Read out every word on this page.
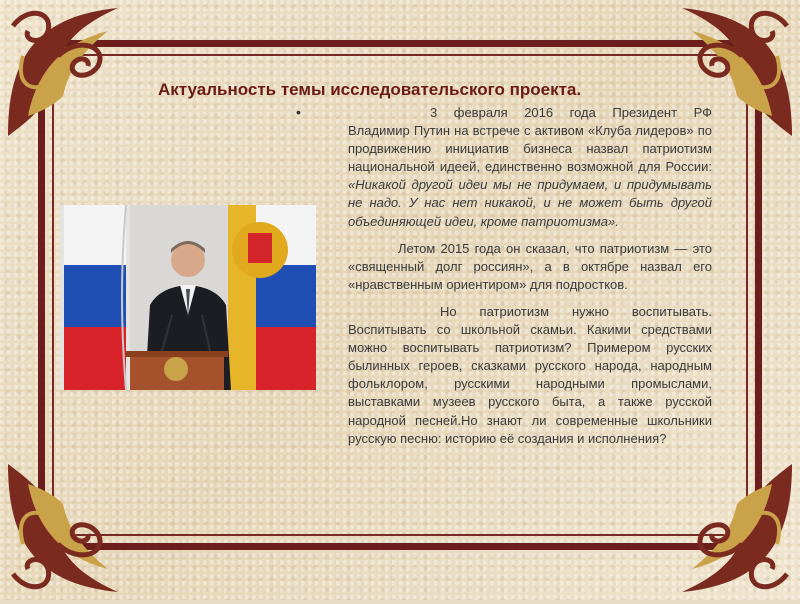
Актуальность темы исследовательского проекта.
•	3 февраля 2016 года Президент РФ Владимир Путин на встрече с активом «Клуба лидеров» по продвижению инициатив бизнеса назвал патриотизм национальной идеей, единственно возможной для России: «Никакой другой идеи мы не придумаем, и придумывать не надо. У нас нет никакой, и не может быть другой объединяющей идеи, кроме патриотизма».

Летом 2015 года он сказал, что патриотизм — это «священный долг россиян», а в октябре назвал его «нравственным ориентиром» для подростков.

Но патриотизм нужно воспитывать. Воспитывать со школьной скамьи. Какими средствами можно воспитывать патриотизм? Примером русских былинных героев, сказками русского народа, народным фольклором, русскими народными промыслами, выставками музеев русского быта, а также русской народной песней.Но знают ли современные школьники русскую песню: историю её создания и исполнения?
